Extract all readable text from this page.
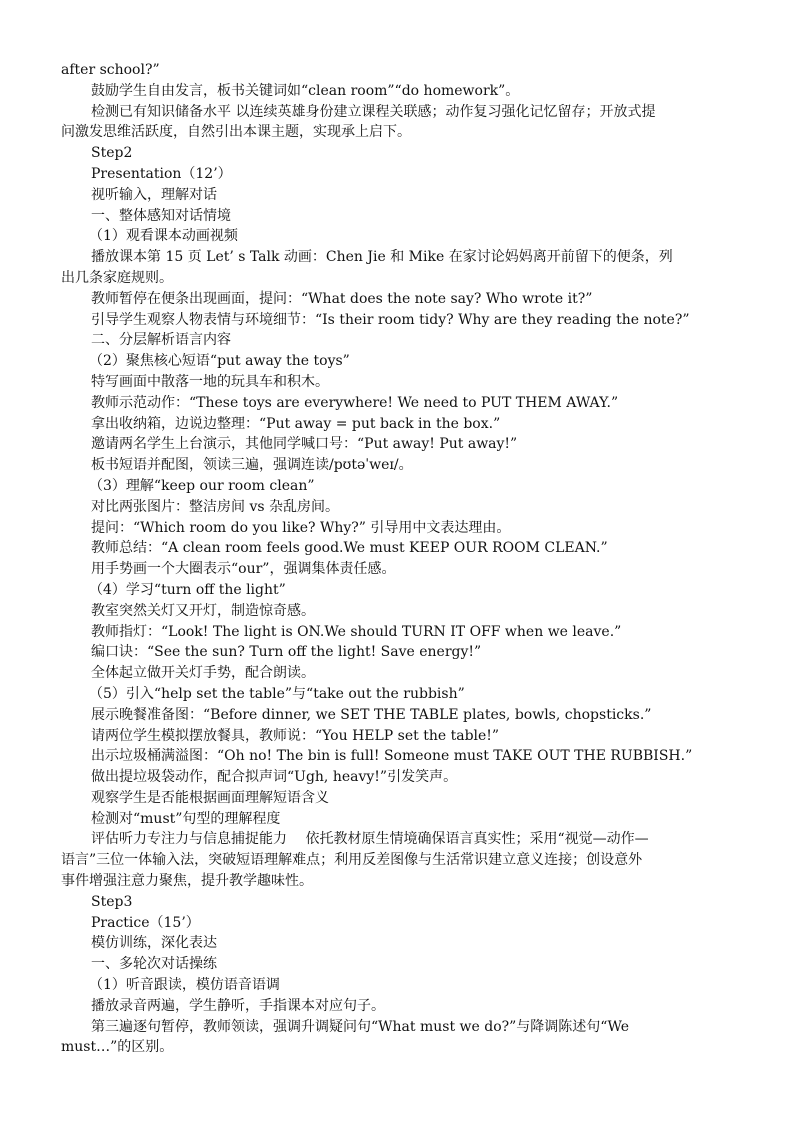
after school?”
鼓励学生自由发言，板书关键词如“clean room”“do homework”。
检测已有知识储备水平 以连续英雄身份建立课程关联感；动作复习强化记忆留存；开放式提
问激发思维活跃度，自然引出本课主题，实现承上启下。
Step2
Presentation（12’）
视听输入，理解对话
一、整体感知对话情境
（1）观看课本动画视频
播放课本第 15 页 Let’ s Talk 动画：Chen Jie 和 Mike 在家讨论妈妈离开前留下的便条，列
出几条家庭规则。
教师暂停在便条出现画面，提问：“What does the note say? Who wrote it?”
引导学生观察人物表情与环境细节：“Is their room tidy? Why are they reading the note?”
二、分层解析语言内容
（2）聚焦核心短语“put away the toys”
特写画面中散落一地的玩具车和积木。
教师示范动作：“These toys are everywhere! We need to PUT THEM AWAY.”
拿出收纳箱，边说边整理：“Put away = put back in the box.”
邀请两名学生上台演示，其他同学喊口号：“Put away! Put away!”
板书短语并配图，领读三遍，强调连读/pʊtəˈweɪ/。
（3）理解“keep our room clean”
对比两张图片：整洁房间 vs 杂乱房间。
提问：“Which room do you like? Why?” 引导用中文表达理由。
教师总结：“A clean room feels good.We must KEEP OUR ROOM CLEAN.”
用手势画一个大圈表示“our”，强调集体责任感。
（4）学习“turn off the light”
教室突然关灯又开灯，制造惊奇感。
教师指灯：“Look! The light is ON.We should TURN IT OFF when we leave.”
编口诀：“See the sun? Turn off the light! Save energy!”
全体起立做开关灯手势，配合朗读。
（5）引入“help set the table”与“take out the rubbish”
展示晚餐准备图：“Before dinner, we SET THE TABLE plates, bowls, chopsticks.”
请两位学生模拟摆放餐具，教师说：“You HELP set the table!”
出示垃圾桶满溢图：“Oh no! The bin is full! Someone must TAKE OUT THE RUBBISH.”
做出提垃圾袋动作，配合拟声词“Ugh, heavy!”引发笑声。
观察学生是否能根据画面理解短语含义
检测对“must”句型的理解程度
评估听力专注力与信息捕捉能力　 依托教材原生情境确保语言真实性；采用“视觉—动作—
语言”三位一体输入法，突破短语理解难点；利用反差图像与生活常识建立意义连接；创设意外
事件增强注意力聚焦，提升教学趣味性。
Step3
Practice（15’）
模仿训练，深化表达
一、多轮次对话操练
（1）听音跟读，模仿语音语调
播放录音两遍，学生静听，手指课本对应句子。
第三遍逐句暂停，教师领读，强调升调疑问句“What must we do?”与降调陈述句“We
must…”的区别。
